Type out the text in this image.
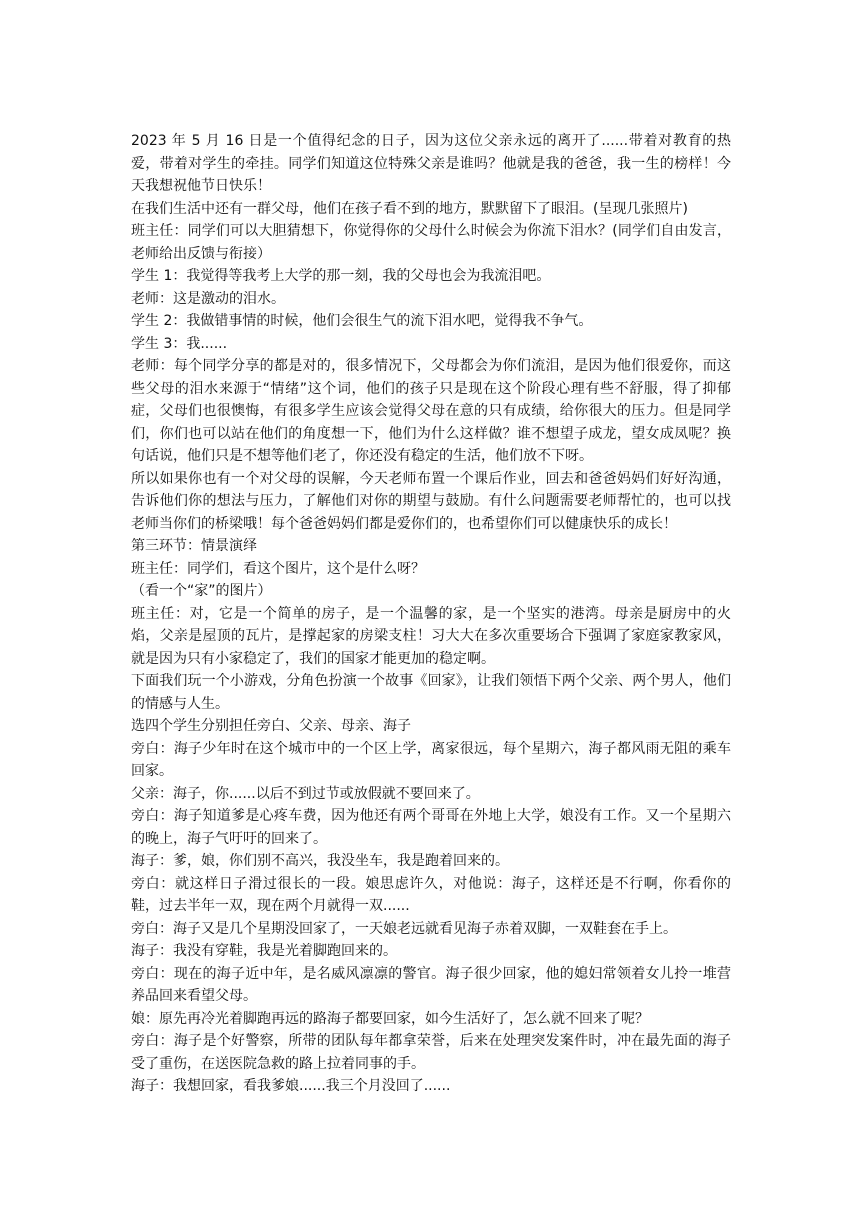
2023 年 5 月 16 日是一个值得纪念的日子，因为这位父亲永远的离开了......带着对教育的热爱，带着对学生的牵挂。同学们知道这位特殊父亲是谁吗？他就是我的爸爸，我一生的榜样！今天我想祝他节日快乐！

在我们生活中还有一群父母，他们在孩子看不到的地方，默默留下了眼泪。(呈现几张照片)

班主任：同学们可以大胆猜想下，你觉得你的父母什么时候会为你流下泪水？(同学们自由发言，老师给出反馈与衔接）

学生 1：我觉得等我考上大学的那一刻，我的父母也会为我流泪吧。

老师：这是激动的泪水。

学生 2：我做错事情的时候，他们会很生气的流下泪水吧，觉得我不争气。

学生 3：我......

老师：每个同学分享的都是对的，很多情况下，父母都会为你们流泪，是因为他们很爱你，而这些父母的泪水来源于“情绪”这个词，他们的孩子只是现在这个阶段心理有些不舒服，得了抑郁症，父母们也很懊悔，有很多学生应该会觉得父母在意的只有成绩，给你很大的压力。但是同学们，你们也可以站在他们的角度想一下，他们为什么这样做？谁不想望子成龙，望女成凤呢？换句话说，他们只是不想等他们老了，你还没有稳定的生活，他们放不下呀。

所以如果你也有一个对父母的误解，今天老师布置一个课后作业，回去和爸爸妈妈们好好沟通，告诉他们你的想法与压力，了解他们对你的期望与鼓励。有什么问题需要老师帮忙的，也可以找老师当你们的桥梁哦！每个爸爸妈妈们都是爱你们的，也希望你们可以健康快乐的成长！

第三环节：情景演绎

班主任：同学们，看这个图片，这个是什么呀？

（看一个“家”的图片）

班主任：对，它是一个简单的房子，是一个温馨的家，是一个坚实的港湾。母亲是厨房中的火焰，父亲是屋顶的瓦片，是撑起家的房梁支柱！习大大在多次重要场合下强调了家庭家教家风，就是因为只有小家稳定了，我们的国家才能更加的稳定啊。

下面我们玩一个小游戏，分角色扮演一个故事《回家》，让我们领悟下两个父亲、两个男人，他们的情感与人生。

选四个学生分别担任旁白、父亲、母亲、海子

旁白：海子少年时在这个城市中的一个区上学，离家很远，每个星期六，海子都风雨无阻的乘车回家。

父亲：海子，你......以后不到过节或放假就不要回来了。

旁白：海子知道爹是心疼车费，因为他还有两个哥哥在外地上大学，娘没有工作。又一个星期六的晚上，海子气吁吁的回来了。

海子：爹，娘，你们别不高兴，我没坐车，我是跑着回来的。

旁白：就这样日子滑过很长的一段。娘思虑许久，对他说：海子，这样还是不行啊，你看你的鞋，过去半年一双，现在两个月就得一双......

旁白：海子又是几个星期没回家了，一天娘老远就看见海子赤着双脚，一双鞋套在手上。

海子：我没有穿鞋，我是光着脚跑回来的。

旁白：现在的海子近中年，是名威风凛凛的警官。海子很少回家，他的媳妇常领着女儿拎一堆营养品回来看望父母。

娘：原先再冷光着脚跑再远的路海子都要回家，如今生活好了，怎么就不回来了呢？

旁白：海子是个好警察，所带的团队每年都拿荣誉，后来在处理突发案件时，冲在最先面的海子受了重伤，在送医院急救的路上拉着同事的手。

海子：我想回家，看我爹娘......我三个月没回了......
